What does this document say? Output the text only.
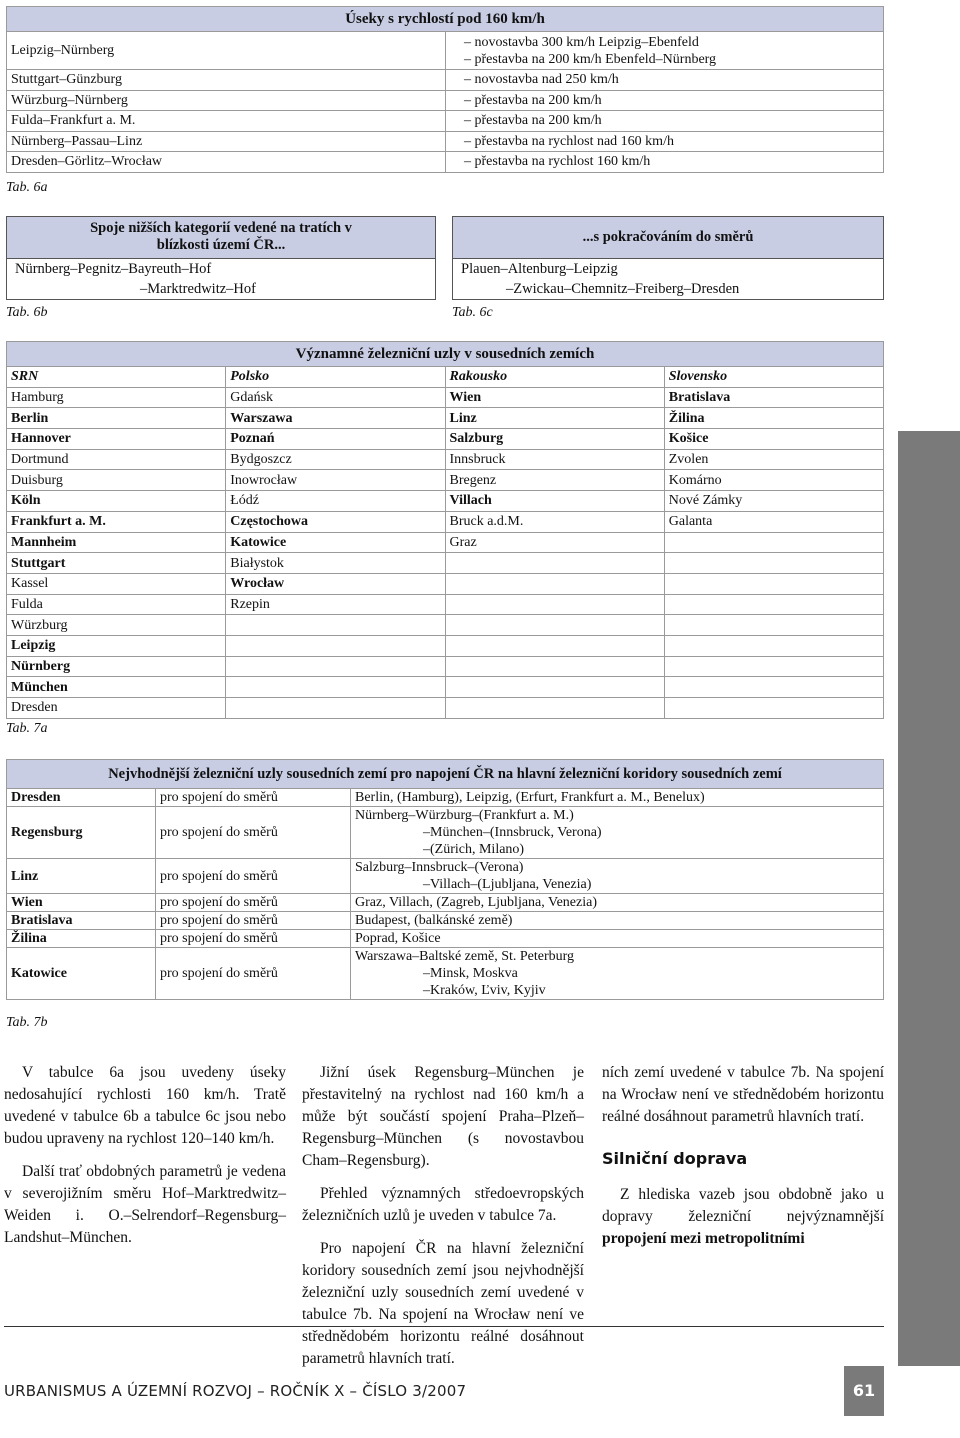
Úseky s rychlostí pod 160 km/h	
Leipzig–Nürnberg	– novostavba 300 km/h Leipzig–Ebenfeld
– přestavba na 200 km/h Ebenfeld–Nürnberg

Stuttgart–Günzburg	– novostavba nad 250 km/h

Würzburg–Nürnberg	– přestavba na 200 km/h

Fulda–Frankfurt a. M.	– přestavba na 200 km/h

Nürnberg–Passau–Linz	– přestavba na rychlost nad 160 km/h

Dresden–Görlitz–Wrocław	– přestavba na rychlost 160 km/h
Tab. 6a
Spoje nižších kategorií vedené na tratích v blízkosti území ČR...
Nürnberg–Pegnitz–Bayreuth–Hof
–Marktredwitz–Hof
Tab. 6b
...s pokračováním do směrů
Plauen–Altenburg–Leipzig
–Zwickau–Chemnitz–Freiberg–Dresden
Tab. 6c
Významné železniční uzly v sousedních zemích			
SRN	Polsko	Rakousko	Slovensko
Hamburg	Gdańsk	Wien	Bratislava
Berlin	Warszawa	Linz	Žilina
Hannover	Poznań	Salzburg	Košice
Dortmund	Bydgoszcz	Innsbruck	Zvolen
Duisburg	Inowrocław	Bregenz	Komárno
Köln	Łódź	Villach	Nové Zámky
Frankfurt a. M.	Częstochowa	Bruck a.d.M.	Galanta
Mannheim	Katowice	Graz	
Stuttgart	Białystok		
Kassel	Wrocław		
Fulda	Rzepin		
Würzburg			
Leipzig			
Nürnberg			
München			
Dresden			
Tab. 7a
Nejvhodnější železniční uzly sousedních zemí pro napojení ČR na hlavní železniční koridory sousedních zemí		
Dresden	pro spojení do směrů	Berlin, (Hamburg), Leipzig, (Erfurt, Frankfurt a. M., Benelux)

Regensburg	pro spojení do směrů	Nürnberg–Würzburg–(Frankfurt a. M.)
–München–(Innsbruck, Verona)
–(Zürich, Milano)

Linz	pro spojení do směrů	Salzburg–Innsbruck–(Verona)
–Villach–(Ljubljana, Venezia)

Wien	pro spojení do směrů	Graz, Villach, (Zagreb, Ljubljana, Venezia)

Bratislava	pro spojení do směrů	Budapest, (balkánské země)

Žilina	pro spojení do směrů	Poprad, Košice

Katowice	pro spojení do směrů	Warszawa–Baltské země, St. Peterburg
–Minsk, Moskva
–Kraków, Ľviv, Kyjiv
Tab. 7b

V tabulce 6a jsou uvedeny úseky nedosahující rychlosti 160 km/h. Tratě uvedené v tabulce 6b a tabulce 6c jsou nebo budou upraveny na rychlost 120–140 km/h.

Další trať obdobných parametrů je vedena v severojižním směru Hof–Marktredwitz–Weiden i. O.–Selrendorf–Regensburg–Landshut–München.

Jižní úsek Regensburg–München je přestavitelný na rychlost nad 160 km/h a může být součástí spojení Praha–Plzeň–Regensburg–München (s novostavbou Cham–Regensburg).

Přehled významných středoevropských železničních uzlů je uveden v tabulce 7a.

Pro napojení ČR na hlavní železniční koridory sousedních zemí jsou nejvhodnější železniční uzly sousedních zemí uvedené v tabulce 7b. Na spojení na Wrocław není ve střednědobém horizontu reálné dosáhnout parametrů hlavních tratí.

ních zemí uvedené v tabulce 7b. Na spojení na Wrocław není ve střednědobém horizontu reálné dosáhnout parametrů hlavních tratí.

Silniční doprava

Z hlediska vazeb jsou obdobně jako u dopravy železniční nejvýznamnější propojení mezi metropolitními

URBANISMUS A ÚZEMNÍ ROZVOJ – ROČNÍK X – ČÍSLO 3/2007	61
